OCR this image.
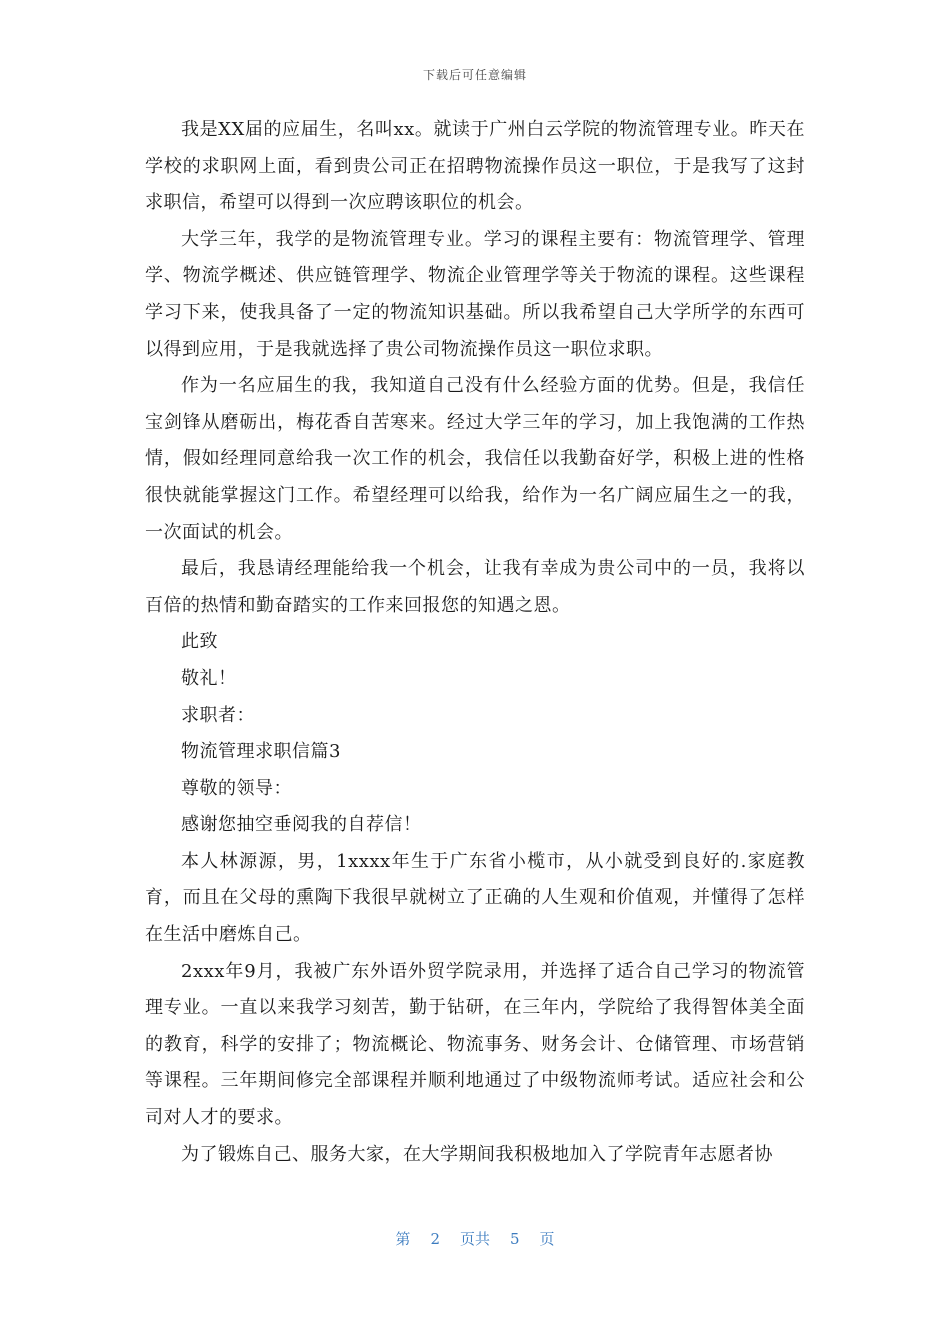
下载后可任意编辑

我是XX届的应届生，名叫xx。就读于广州白云学院的物流管理专业。昨天在学校的求职网上面，看到贵公司正在招聘物流操作员这一职位，于是我写了这封求职信，希望可以得到一次应聘该职位的机会。

大学三年，我学的是物流管理专业。学习的课程主要有：物流管理学、管理学、物流学概述、供应链管理学、物流企业管理学等关于物流的课程。这些课程学习下来，使我具备了一定的物流知识基础。所以我希望自己大学所学的东西可以得到应用，于是我就选择了贵公司物流操作员这一职位求职。

作为一名应届生的我，我知道自己没有什么经验方面的优势。但是，我信任宝剑锋从磨砺出，梅花香自苦寒来。经过大学三年的学习，加上我饱满的工作热情，假如经理同意给我一次工作的机会，我信任以我勤奋好学，积极上进的性格很快就能掌握这门工作。希望经理可以给我，给作为一名广阔应届生之一的我，一次面试的机会。

最后，我恳请经理能给我一个机会，让我有幸成为贵公司中的一员，我将以百倍的热情和勤奋踏实的工作来回报您的知遇之恩。

此致

敬礼！

求职者：

物流管理求职信篇3

尊敬的领导：

感谢您抽空垂阅我的自荐信！

本人林源源，男，1xxxx年生于广东省小榄市，从小就受到良好的.家庭教育，而且在父母的熏陶下我很早就树立了正确的人生观和价值观，并懂得了怎样在生活中磨炼自己。

2xxx年9月，我被广东外语外贸学院录用，并选择了适合自己学习的物流管理专业。一直以来我学习刻苦，勤于钻研，在三年内，学院给了我得智体美全面的教育，科学的安排了；物流概论、物流事务、财务会计、仓储管理、市场营销等课程。三年期间修完全部课程并顺利地通过了中级物流师考试。适应社会和公司对人才的要求。

为了锻炼自己、服务大家，在大学期间我积极地加入了学院青年志愿者协

第 2 页共 5 页
